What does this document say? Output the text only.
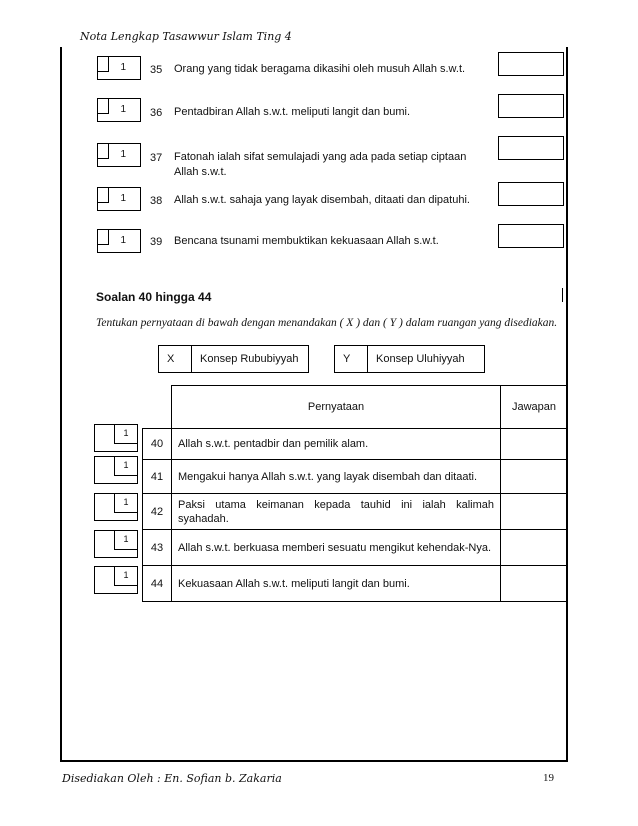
Nota Lengkap Tasawwur Islam Ting 4
1 35 Orang yang tidak beragama dikasihi oleh musuh Allah s.w.t.
1 36 Pentadbiran Allah s.w.t. meliputi langit dan bumi.
1 37 Fatonah ialah sifat semulajadi yang ada pada setiap ciptaan Allah s.w.t.
1 38 Allah s.w.t. sahaja yang layak disembah, ditaati dan dipatuhi.
1 39 Bencana tsunami membuktikan kekuasaan Allah s.w.t.
Soalan 40 hingga 44
Tentukan pernyataan di bawah dengan menandakan ( X ) dan ( Y ) dalam ruangan yang disediakan.
X	Konsep Rububiyyah	Y	Konsep Uluhiyyah
	Pernyataan	Jawapan
40	Allah s.w.t. pentadbir dan pemilik alam.	
41	Mengakui hanya Allah s.w.t. yang layak disembah dan ditaati.	
42	Paksi utama keimanan kepada tauhid ini ialah kalimah syahadah.	
43	Allah s.w.t. berkuasa memberi sesuatu mengikut kehendak-Nya.	
44	Kekuasaan Allah s.w.t. meliputi langit dan bumi.	
1
1
1
1
1
Disediakan Oleh : En. Sofian b. Zakaria	19
